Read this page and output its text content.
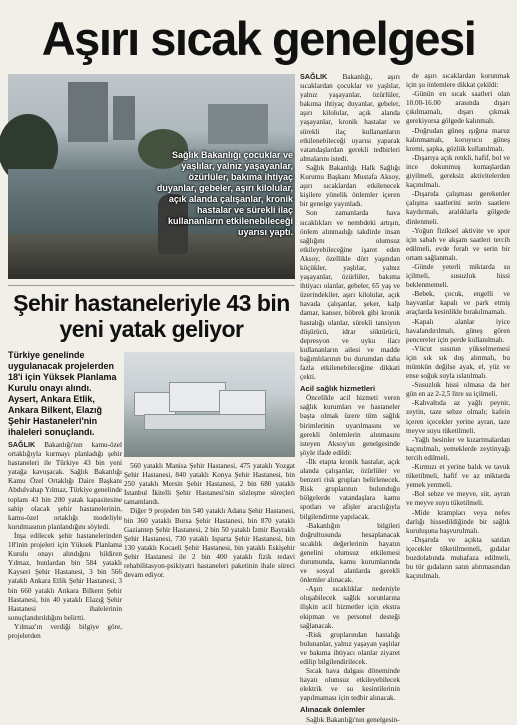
Aşırı sıcak genelgesi
Sağlık Bakanlığı çocuklar ve yaşlılar, yalnız yaşayanlar, özürlüler, bakıma ihtiyaç duyanlar, gebeler, aşırı kilolular, açık alanda çalışanlar, kronik hastalar ve sürekli ilaç kullananların etkilenebileceği uyarısı yaptı.
Şehir hastaneleriyle 43 bin yeni yatak geliyor
Türkiye genelinde uygulanacak projelerden 18'i için Yüksek Planlama Kurulu onayı alındı. Aysert, Ankara Etlik, Ankara Bilkent, Elazığ Şehir Hastaneleri'nin ihaleleri sonuçlandı.

SAĞLIK Bakanlığı'nın kamu-özel ortaklığıyla kurmayı planladığı şehir hastaneleri ile Türkiye 43 bin yeni yatağa kavuşacak. Sağlık Bakanlığı Kamu Özel Ortaklığı Daire Başkanı Abdulvahap Yılmaz, Türkiye genelinde toplam 43 bin 200 yatak kapasitesine sahip olacak şehir hastanelerinin, kamu-özel ortaklığı modeliyle kurulmasının planlandığını söyledi.

İnşa edilecek şehir hastanelerinden 18'inin projeleri için Yüksek Planlama Kurulu onayı alındığını bildiren Yılmaz, bunlardan bin 584 yataklı Kayseri Şehir Hastanesi, 3 bin 566 yataklı Ankara Etlik Şehir Hastanesi, 3 bin 660 yataklı Ankara Bilkent Şehir Hastanesi, bin 40 yataklı Elazığ Şehir Hastanesi ihalelerinin sonuçlandırıldığını belirtti.

Yılmaz'ın verdiği bilgiye göre, projelerden

560 yataklı Manisa Şehir Hastanesi, 475 yataklı Yozgat Şehir Hastanesi, 840 yataklı Konya Şehir Hastanesi, bin 250 yataklı Mersin Şehir Hastanesi, 2 bin 680 yataklı İstanbul İkitelli Şehir Hastanesi'nin sözleşme süreçleri tamamlandı.

Diğer 9 projeden bin 540 yataklı Adana Şehir Hastanesi, bin 360 yataklı Bursa Şehir Hastanesi, bin 870 yataklı Gaziantep Şehir Hastanesi, 2 bin 50 yataklı İzmir Bayraklı Şehir Hastanesi, 730 yataklı Isparta Şehir Hastanesi, bin 130 yataklı Kocaeli Şehir Hastanesi, bin yataklı Eskişehir Şehir Hastanesi ile 2 bin 400 yataklı fizik tedavi rehabilitasyon-psikiyatri hastaneleri paketinin ihale süreci devam ediyor.

SAĞLIK Bakanlığı, aşırı sıcaklardan çocuklar ve yaşlılar, yalnız yaşayanlar, özürlüler, bakıma ihtiyaç duyanlar, gebeler, aşırı kilolular, açık alanda yaşayanlar, kronik hastalar ve sürekli ilaç kullananların etkilenebileceği uyarısı yaparak vatandaşlardan gerekli tedbirleri almalarını istedi.

Sağlık Bakanlığı Halk Sağlığı Kurumu Başkanı Mustafa Aksoy, aşırı sıcaklardan etkilenecek kişilere yönelik önlemler içeren bir genelge yayınladı.

Son zamanlarda hava sıcaklıkları ve nembdeki artışın, önlem alınmadığı takdirde insan sağlığını olumsuz etkileyebileceğine işaret eden Aksoy, özellikle dört yaşından küçükler, yaşlılar, yalnız yaşayanlar, özürlüler, bakıma ihtiyacı olanlar, gebeler, 65 yaş ve üzerindekiler, aşırı kilolular, açık havada çalışanlar, şeker, kalp damar, kanser, böbrek gibi kronik hastalığı olanlar, sürekli tansiyon düşürücü, idrar söktürücü, depresyon ve uyku ilacı kullananların ailesi ve madde bağımlılarının bu durumdan daha fazla etkilenebileceğine dikkati çekti.

Acil sağlık hizmetleri

Öncelikle acil hizmeti veren sağlık kurumları ve hastaneler başta olmak üzere tüm sağlık birimlerinin uyarılmasını ve gerekli önlemlerin alınmasını isteyen Aksoy'un genelgesinde şöyle ifade edildi:

-İlk etapta kronik hastalar, açık alanda çalışanlar, özürlüler ve benzeri risk grupları belirlenecek. Risk gruplarının bulunduğu bölgelerde vatandaşlara kamu spotları ve afişler aracılığıyla bilgilendirme yapılacak.

-Bakanlığın bilgileri doğrultusunda hesaplanacak sıcaklık değerlerinin hayatın genelini olumsuz etkilemesi durumunda, kamu kurumlarında ve sosyal alanlarda gerekli önlemler alınacak.

-Aşırı sıcaklıklar nedeniyle oluşabilecek sağlık sorunlarına ilişkin acil hizmetler için ekstra ekipman ve personel desteği sağlanacak.

-Risk gruplarından hastalığı bulunanlar, yalnız yaşayan yaşlılar ve bakıma ihtiyacı olanlar ziyaret edilip bilgilendirilecek.

Sıcak hava dalgası döneminde hayatı olumsuz etkileyebilecek elektrik ve su kesintilerinin yapılmaması için tedbir alınacak.

Alınacak önlemler

Sağlık Bakanlığı'nın genelgesin-

de aşırı sıcaklardan korunmak için şu önlemlere dikkat çekildi:

-Günün en sıcak saatleri olan 10.00-16.00 arasında dışarı çıkılmamalı, dışarı çıkmak gerekiyorsa gölgede kalınmalı.

-Doğrudan güneş ışığına maruz kalınmamalı, koruyucu güneş kremi, şapka, gözlük kullanılmalı.

-Dışarıya açık renkli, hafif, bol ve ince dokunmuş kumaşlardan giyilmeli, gereksiz aktivitelerden kaçınılmalı.

-Dışarıda çalışması gerekenler çalışma saatlerini serin saatlere kaydırmalı, aralıklarla gölgede dinlenmeli.

-Yoğun fiziksel aktivite ve spor için sabah ve akşam saatleri tercih edilmeli, evde ferah ve serin bir ortam sağlanmalı.

-Günde yeterli miktarda su içilmeli, susuzluk hissi beklenmemeli.

-Bebek, çocuk, engelli ve hayvanlar kapalı ve park etmiş araçlarda kesinlikle bırakılmamalı.

-Kapalı alanlar iyice havalandırılmalı, güneş gören pencereler için perde kullanılmalı.

-Vücut ısısının yükselmemesi için sık sık duş alınmalı, bu mümkün değilse ayak, el, yüz ve ense soğuk suyla ıslatılmalı.

-Susuzluk hissi olmasa da her gün en az 2-2,5 litre su içilmeli.

-Kahvaltıda az yağlı peynir, zeytin, taze sebze olmalı; kafein içeren içecekler yerine ayran, taze meyve suyu tüketilmeli.

-Yağlı besinler ve kızartmalardan kaçınılmalı, yemeklerde zeytinyağı tercih edilmeli.

-Kırmızı et yerine balık ve tavuk tüketilmeli, hafif ve az miktarda yemek yenmeli.

-Bol sebze ve meyve, süt, ayran ve meyve suyu tüketilmeli.

-Mide krampları veya nefes darlığı hissedildiğinde bir sağlık kuruluşuna başvurulmalı.

-Dışarıda ve açıkta satılan içecekler tüketilmemeli, gıdalar buzdolabında muhafaza edilmeli, bu tür gıdaların satın alınmasından kaçınılmalı.
